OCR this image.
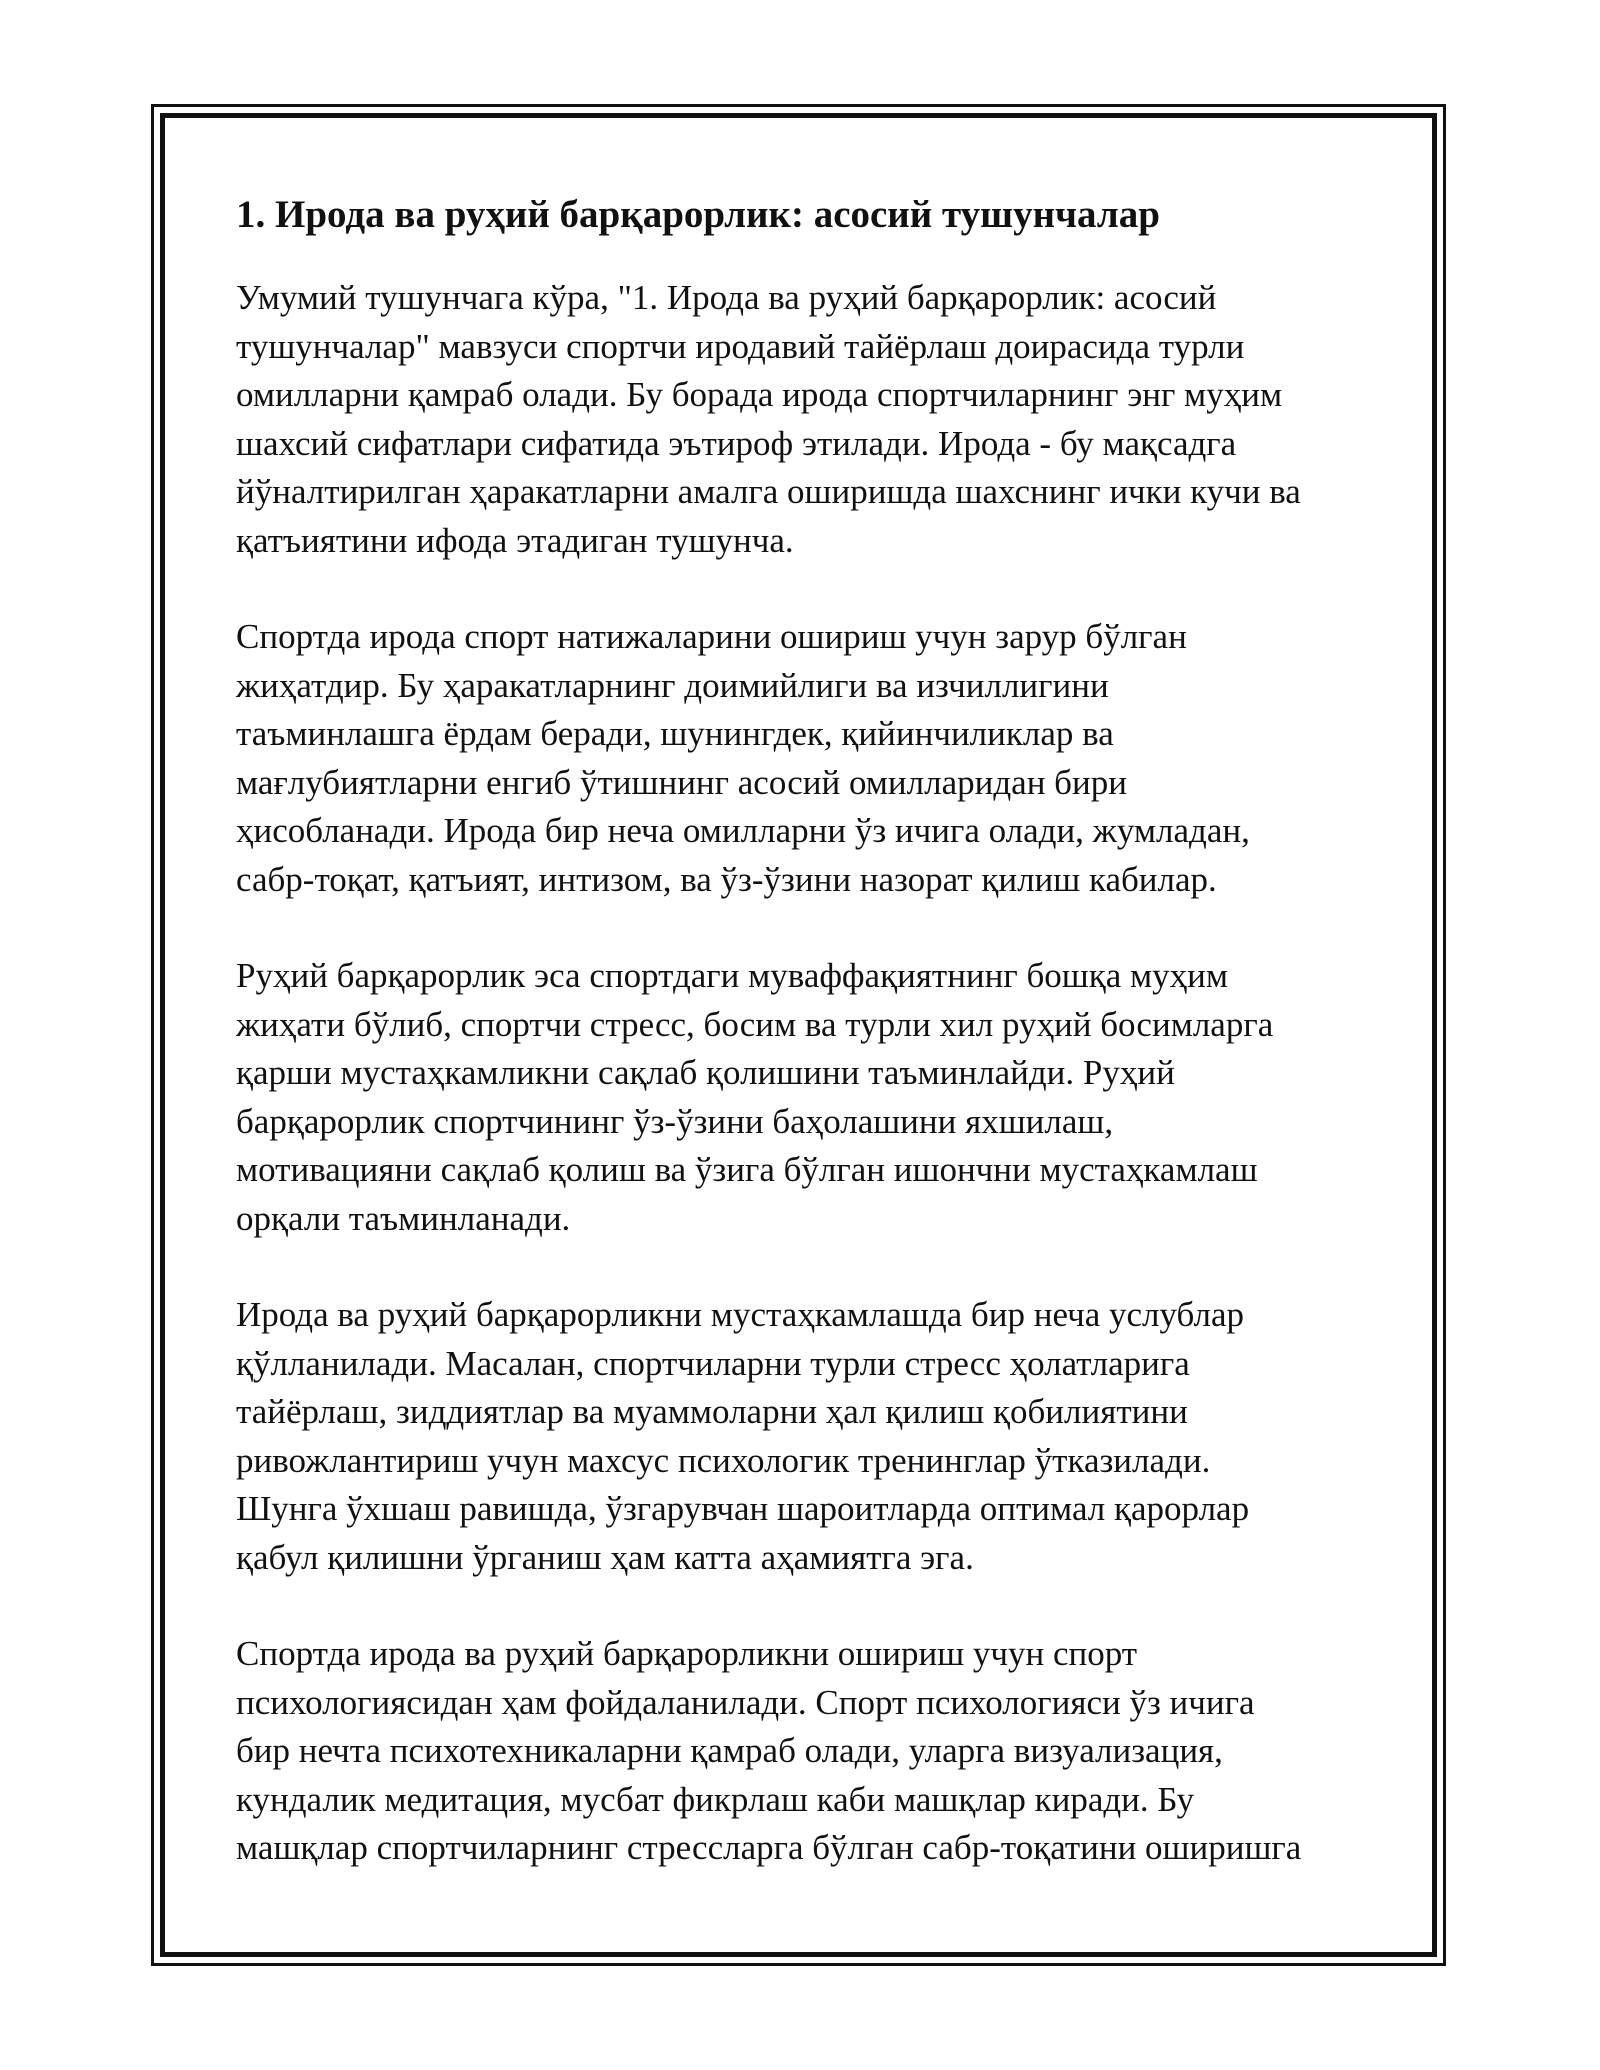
1. Ирода ва руҳий барқарорлик: асосий тушунчалар

Умумий тушунчага кўра, "1. Ирода ва руҳий барқарорлик: асосий
тушунчалар" мавзуси спортчи иродавий тайёрлаш доирасида турли
омилларни қамраб олади. Бу борада ирода спортчиларнинг энг муҳим
шахсий сифатлари сифатида эътироф этилади. Ирода - бу мақсадга
йўналтирилган ҳаракатларни амалга оширишда шахснинг ички кучи ва
қатъиятини ифода этадиган тушунча.

Спортда ирода спорт натижаларини ошириш учун зарур бўлган
жиҳатдир. Бу ҳаракатларнинг доимийлиги ва изчиллигини
таъминлашга ёрдам беради, шунингдек, қийинчиликлар ва
мағлубиятларни енгиб ўтишнинг асосий омилларидан бири
ҳисобланади. Ирода бир неча омилларни ўз ичига олади, жумладан,
сабр-тоқат, қатъият, интизом, ва ўз-ўзини назорат қилиш кабилар.

Руҳий барқарорлик эса спортдаги муваффақиятнинг бошқа муҳим
жиҳати бўлиб, спортчи стресс, босим ва турли хил руҳий босимларга
қарши мустаҳкамликни сақлаб қолишини таъминлайди. Руҳий
барқарорлик спортчининг ўз-ўзини баҳолашини яхшилаш,
мотивацияни сақлаб қолиш ва ўзига бўлган ишончни мустаҳкамлаш
орқали таъминланади.

Ирода ва руҳий барқарорликни мустаҳкамлашда бир неча услублар
қўлланилади. Масалан, спортчиларни турли стресс ҳолатларига
тайёрлаш, зиддиятлар ва муаммоларни ҳал қилиш қобилиятини
ривожлантириш учун махсус психологик тренинглар ўтказилади.
Шунга ўхшаш равишда, ўзгарувчан шароитларда оптимал қарорлар
қабул қилишни ўрганиш ҳам катта аҳамиятга эга.

Спортда ирода ва руҳий барқарорликни ошириш учун спорт
психологиясидан ҳам фойдаланилади. Спорт психологияси ўз ичига
бир нечта психотехникаларни қамраб олади, уларга визуализация,
кундалик медитация, мусбат фикрлаш каби машқлар киради. Бу
машқлар спортчиларнинг стрессларга бўлган сабр-тоқатини оширишга
